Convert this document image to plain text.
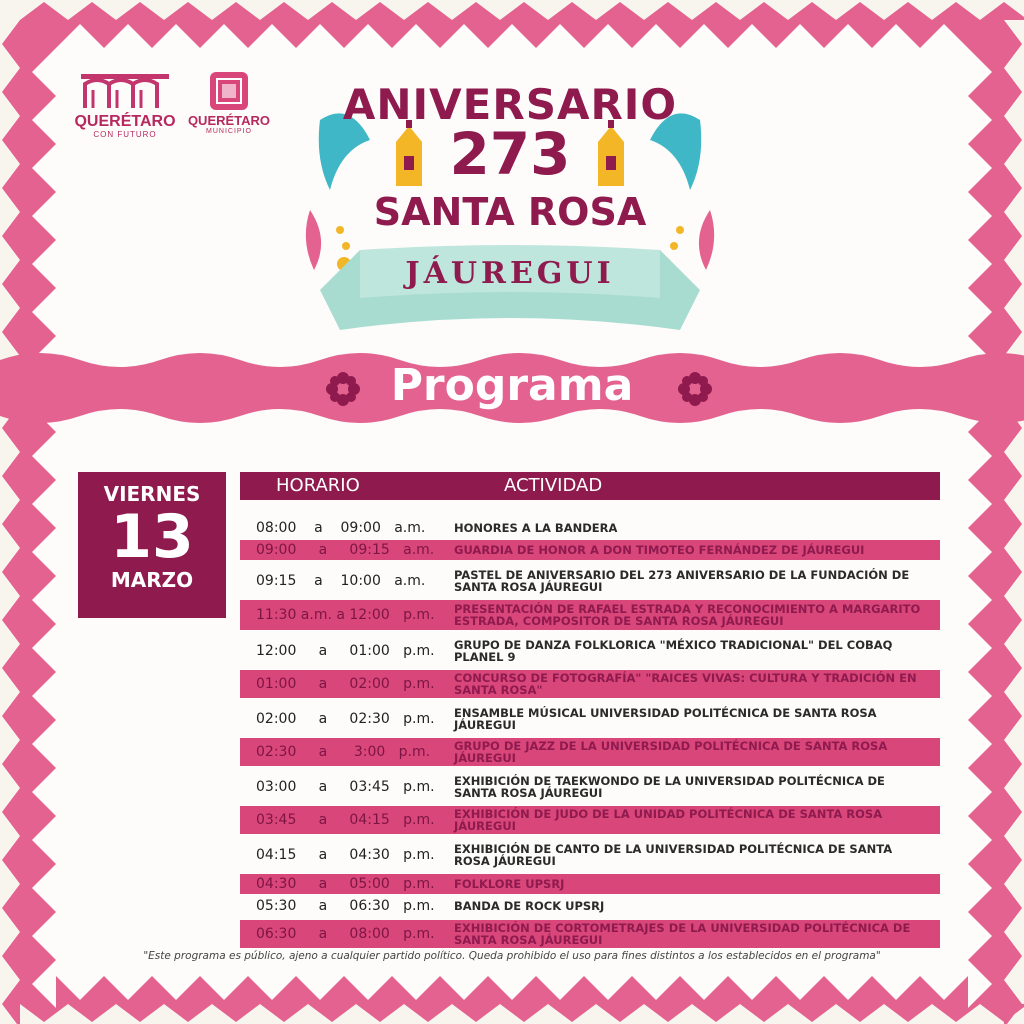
QUERÉTARO
CON FUTURO
QUERÉTARO
MUNICIPIO
ANIVERSARIO
273
SANTA ROSA
JÁUREGUI
Programa
VIERNES
13
MARZO
HORARIO	ACTIVIDAD
08:00    a    09:00   a.m. HONORES A LA BANDERA
09:00     a     09:15   a.m. GUARDIA DE HONOR A DON TIMOTEO FERNÁNDEZ DE JÁUREGUI
09:15    a    10:00   a.m. PASTEL DE ANIVERSARIO DEL 273 ANIVERSARIO DE LA FUNDACIÓN DE SANTA ROSA JÁUREGUI
11:30 a.m. a 12:00   p.m. PRESENTACIÓN DE RAFAEL ESTRADA Y RECONOCIMIENTO A MARGARITO ESTRADA, COMPOSITOR DE SANTA ROSA JÁUREGUI
12:00     a     01:00   p.m. GRUPO DE DANZA FOLKLORICA "MÉXICO TRADICIONAL" DEL COBAQ PLANEL 9
01:00     a     02:00   p.m. CONCURSO DE FOTOGRAFÍA" "RAICES VIVAS: CULTURA Y TRADICIÓN EN SANTA ROSA"
02:00     a     02:30   p.m. ENSAMBLE MÚSICAL UNIVERSIDAD POLITÉCNICA DE SANTA ROSA JÁUREGUI
02:30     a      3:00   p.m. GRUPO DE JAZZ DE LA UNIVERSIDAD POLITÉCNICA DE SANTA ROSA JÁUREGUI
03:00     a     03:45   p.m. EXHIBICIÓN DE TAEKWONDO DE LA UNIVERSIDAD POLITÉCNICA DE SANTA ROSA JÁUREGUI
03:45     a     04:15   p.m. EXHIBICIÓN DE JUDO DE LA UNIDAD POLITÉCNICA DE SANTA ROSA JÁUREGUI
04:15     a     04:30   p.m. EXHIBICIÓN DE CANTO DE LA UNIVERSIDAD POLITÉCNICA DE SANTA ROSA JÁUREGUI
04:30     a     05:00   p.m. FOLKLORE UPSRJ
05:30     a     06:30   p.m. BANDA DE ROCK UPSRJ
06:30     a     08:00   p.m. EXHIBICIÓN DE CORTOMETRAJES DE LA UNIVERSIDAD POLITÉCNICA DE SANTA ROSA JÁUREGUI
"Este programa es público, ajeno a cualquier partido político. Queda prohibido el uso para fines distintos a los establecidos en el programa"
